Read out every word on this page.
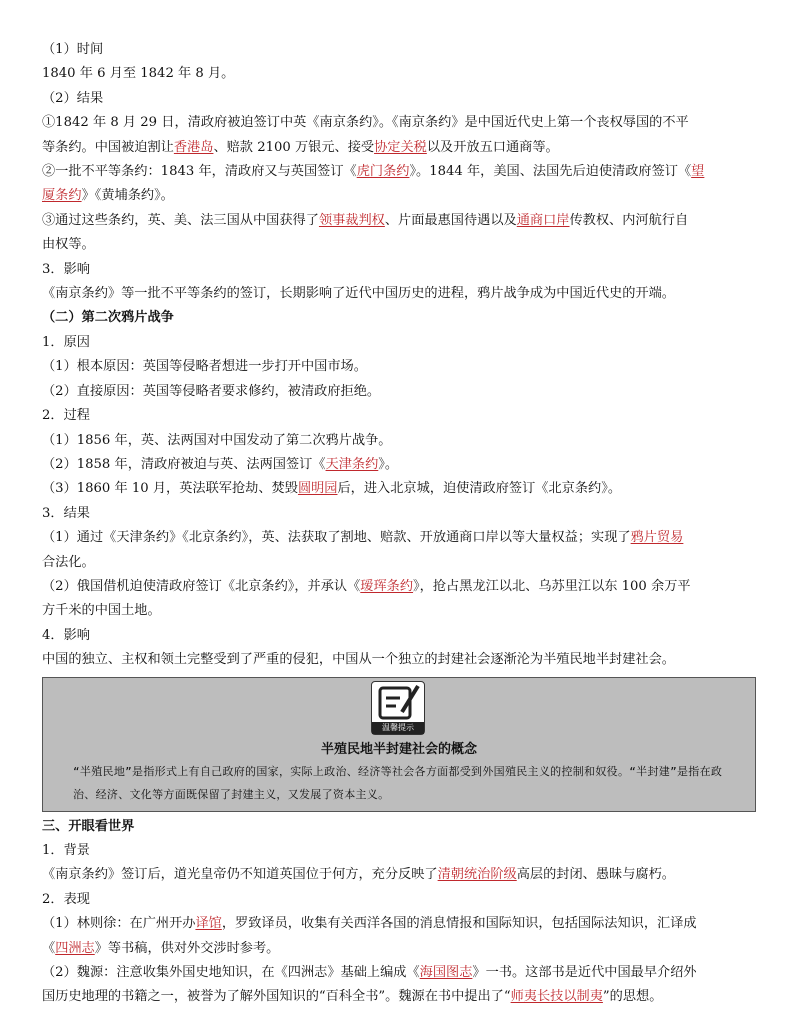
（1）时间
1840 年 6 月至 1842 年 8 月。
（2）结果
①1842 年 8 月 29 日，清政府被迫签订中英《南京条约》。《南京条约》是中国近代史上第一个丧权辱国的不平
等条约。中国被迫割让香港岛、赔款 2100 万银元、接受协定关税以及开放五口通商等。
②一批不平等条约：1843 年，清政府又与英国签订《虎门条约》。1844 年，美国、法国先后迫使清政府签订《望
厦条约》《黄埔条约》。
③通过这些条约，英、美、法三国从中国获得了领事裁判权、片面最惠国待遇以及通商口岸传教权、内河航行自
由权等。
3．影响
《南京条约》等一批不平等条约的签订，长期影响了近代中国历史的进程，鸦片战争成为中国近代史的开端。
（二）第二次鸦片战争
1．原因
（1）根本原因：英国等侵略者想进一步打开中国市场。
（2）直接原因：英国等侵略者要求修约，被清政府拒绝。
2．过程
（1）1856 年，英、法两国对中国发动了第二次鸦片战争。
（2）1858 年，清政府被迫与英、法两国签订《天津条约》。
（3）1860 年 10 月，英法联军抢劫、焚毁圆明园后，进入北京城，迫使清政府签订《北京条约》。
3．结果
（1）通过《天津条约》《北京条约》，英、法获取了割地、赔款、开放通商口岸以等大量权益；实现了鸦片贸易
合法化。
（2）俄国借机迫使清政府签订《北京条约》，并承认《瑷珲条约》，抢占黑龙江以北、乌苏里江以东 100 余万平
方千米的中国土地。
4．影响
中国的独立、主权和领土完整受到了严重的侵犯，中国从一个独立的封建社会逐渐沦为半殖民地半封建社会。
温馨提示
半殖民地半封建社会的概念
“半殖民地”是指形式上有自己政府的国家，实际上政治、经济等社会各方面都受到外国殖民主义的控制和奴役。“半封建”是指在政治、经济、文化等方面既保留了封建主义，又发展了资本主义。
三、开眼看世界
1．背景
《南京条约》签订后，道光皇帝仍不知道英国位于何方，充分反映了清朝统治阶级高层的封闭、愚昧与腐朽。
2．表现
（1）林则徐：在广州开办译馆，罗致译员，收集有关西洋各国的消息情报和国际知识，包括国际法知识，汇译成
《四洲志》等书稿，供对外交涉时参考。
（2）魏源：注意收集外国史地知识，在《四洲志》基础上编成《海国图志》一书。这部书是近代中国最早介绍外
国历史地理的书籍之一，被誉为了解外国知识的“百科全书”。魏源在书中提出了“师夷长技以制夷”的思想。
